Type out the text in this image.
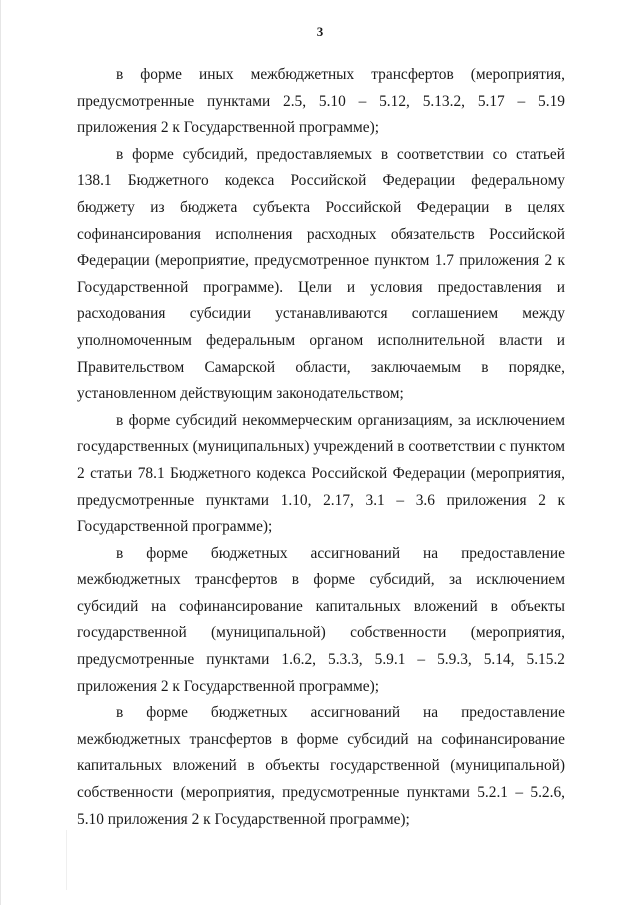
3

в форме иных межбюджетных трансфертов (мероприятия, предусмотренные пунктами 2.5, 5.10 – 5.12, 5.13.2, 5.17 – 5.19 приложения 2 к Государственной программе);

в форме субсидий, предоставляемых в соответствии со статьей 138.1 Бюджетного кодекса Российской Федерации федеральному бюджету из бюджета субъекта Российской Федерации в целях софинансирования исполнения расходных обязательств Российской Федерации (мероприятие, предусмотренное пунктом 1.7 приложения 2 к Государственной программе). Цели и условия предоставления и расходования субсидии устанавливаются соглашением между уполномоченным федеральным органом исполнительной власти и Правительством Самарской области, заключаемым в порядке, установленном действующим законодательством;

в форме субсидий некоммерческим организациям, за исключением государственных (муниципальных) учреждений в соответствии с пунктом 2 статьи 78.1 Бюджетного кодекса Российской Федерации (мероприятия, предусмотренные пунктами 1.10, 2.17, 3.1 – 3.6 приложения 2 к Государственной программе);

в форме бюджетных ассигнований на предоставление межбюджетных трансфертов в форме субсидий, за исключением субсидий на софинансирование капитальных вложений в объекты государственной (муниципальной) собственности (мероприятия, предусмотренные пунктами 1.6.2, 5.3.3, 5.9.1 – 5.9.3, 5.14, 5.15.2 приложения 2 к Государственной программе);

в форме бюджетных ассигнований на предоставление межбюджетных трансфертов в форме субсидий на софинансирование капитальных вложений в объекты государственной (муниципальной) собственности (мероприятия, предусмотренные пунктами 5.2.1 – 5.2.6, 5.10 приложения 2 к Государственной программе);
